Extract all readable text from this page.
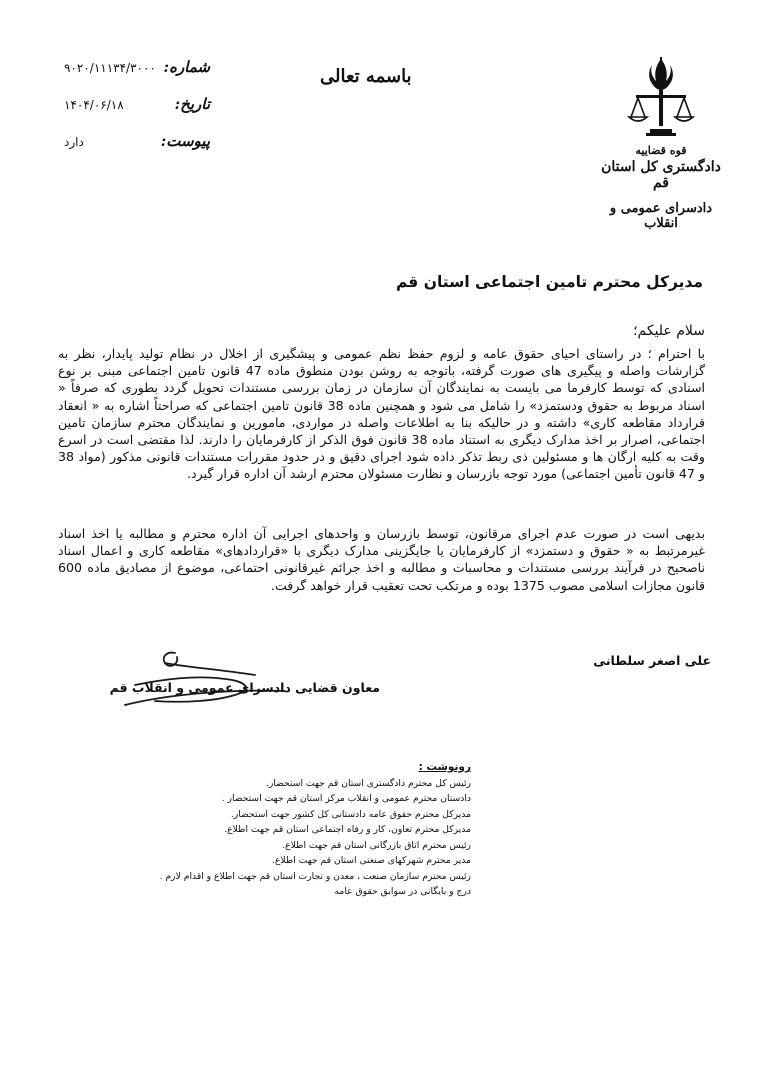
قوه قضاییه
دادگستری کل استان قم
دادسرای عمومی و انقلاب
باسمه تعالی
شماره:
۹۰۲۰/۱۱۱۳۴/۳۰۰۰
تاریخ:
۱۴۰۴/۰۶/۱۸
پیوست:
دارد
مدیرکل محترم تامین اجتماعی استان قم
سلام علیکم؛
با احترام ؛ در راستای احیای حقوق عامه و لزوم حفظ نظم عمومی و پیشگیری از اخلال در نظام تولید پایدار، نظر به گزارشات واصله و پیگیری های صورت گرفته، باتوجه به روشن بودن منطوق ماده 47 قانون تامین اجتماعی مبنی بر نوع اسنادی که توسط کارفرما می بایست به نمایندگان آن سازمان در زمان بررسی مستندات تحویل گردد بطوری که صرفاً « اسناد مربوط به حقوق ودستمزد» را شامل می شود و همچنین ماده 38 قانون تامین اجتماعی که صراحتاً اشاره به « انعقاد قرارداد مقاطعه کاری» داشته و در حالیکه بنا به اطلاعات واصله در مواردی، مامورین و نمایندگان محترم سازمان تامین اجتماعی، اصرار بر اخذ مدارک دیگری به استناد ماده 38 قانون فوق الذکر از کارفرمایان را دارند. لذا مقتضی است در اسرع وقت به کلیه ارگان ها و مسئولین ذی ربط تذکر داده شود اجرای دقیق و در حدود مقررات مستندات قانونی مذکور (مواد 38 و 47 قانون تأمین اجتماعی) مورد توجه بازرسان و نظارت مسئولان محترم ارشد آن اداره قرار گیرد.
بدیهی است در صورت عدم اجرای مرقانون، توسط بازرسان و واحدهای اجرایی آن اداره محترم و مطالبه یا اخذ اسناد غیرمرتبط به « حقوق و دستمزد» از کارفرمایان یا جایگزینی مدارک دیگری با «قراردادهای» مقاطعه کاری و اعمال اسناد ناصحیح در فرآیند بررسی مستندات و محاسبات و مطالبه و اخذ جرائم غیرقانونی احتماعی، موضوع از مصادیق ماده 600 قانون مجازات اسلامی مصوب 1375 بوده و مرتکب تحت تعقیب قرار خواهد گرفت.
علی اصغر سلطانی
معاون قضایی دادسرای عمومی و انقلاب قم
رونوشت :
رئیس کل محترم دادگستری استان قم جهت استحضار.
دادستان محترم عمومی و انقلاب مرکز استان قم جهت استحضار .
مدیرکل محترم حقوق عامه دادستانی کل کشور جهت استحضار.
مدیرکل محترم تعاون، کار و رفاه اجتماعی استان قم جهت اطلاع.
رئیس محترم اتاق بازرگانی استان قم جهت اطلاع.
مدیر محترم شهرکهای صنعتی استان قم جهت اطلاع.
رئیس محترم سازمان صنعت ، معدن و تجارت استان قم جهت اطلاع و اقدام لازم .
درج و بایگانی در سوابق حقوق عامه
